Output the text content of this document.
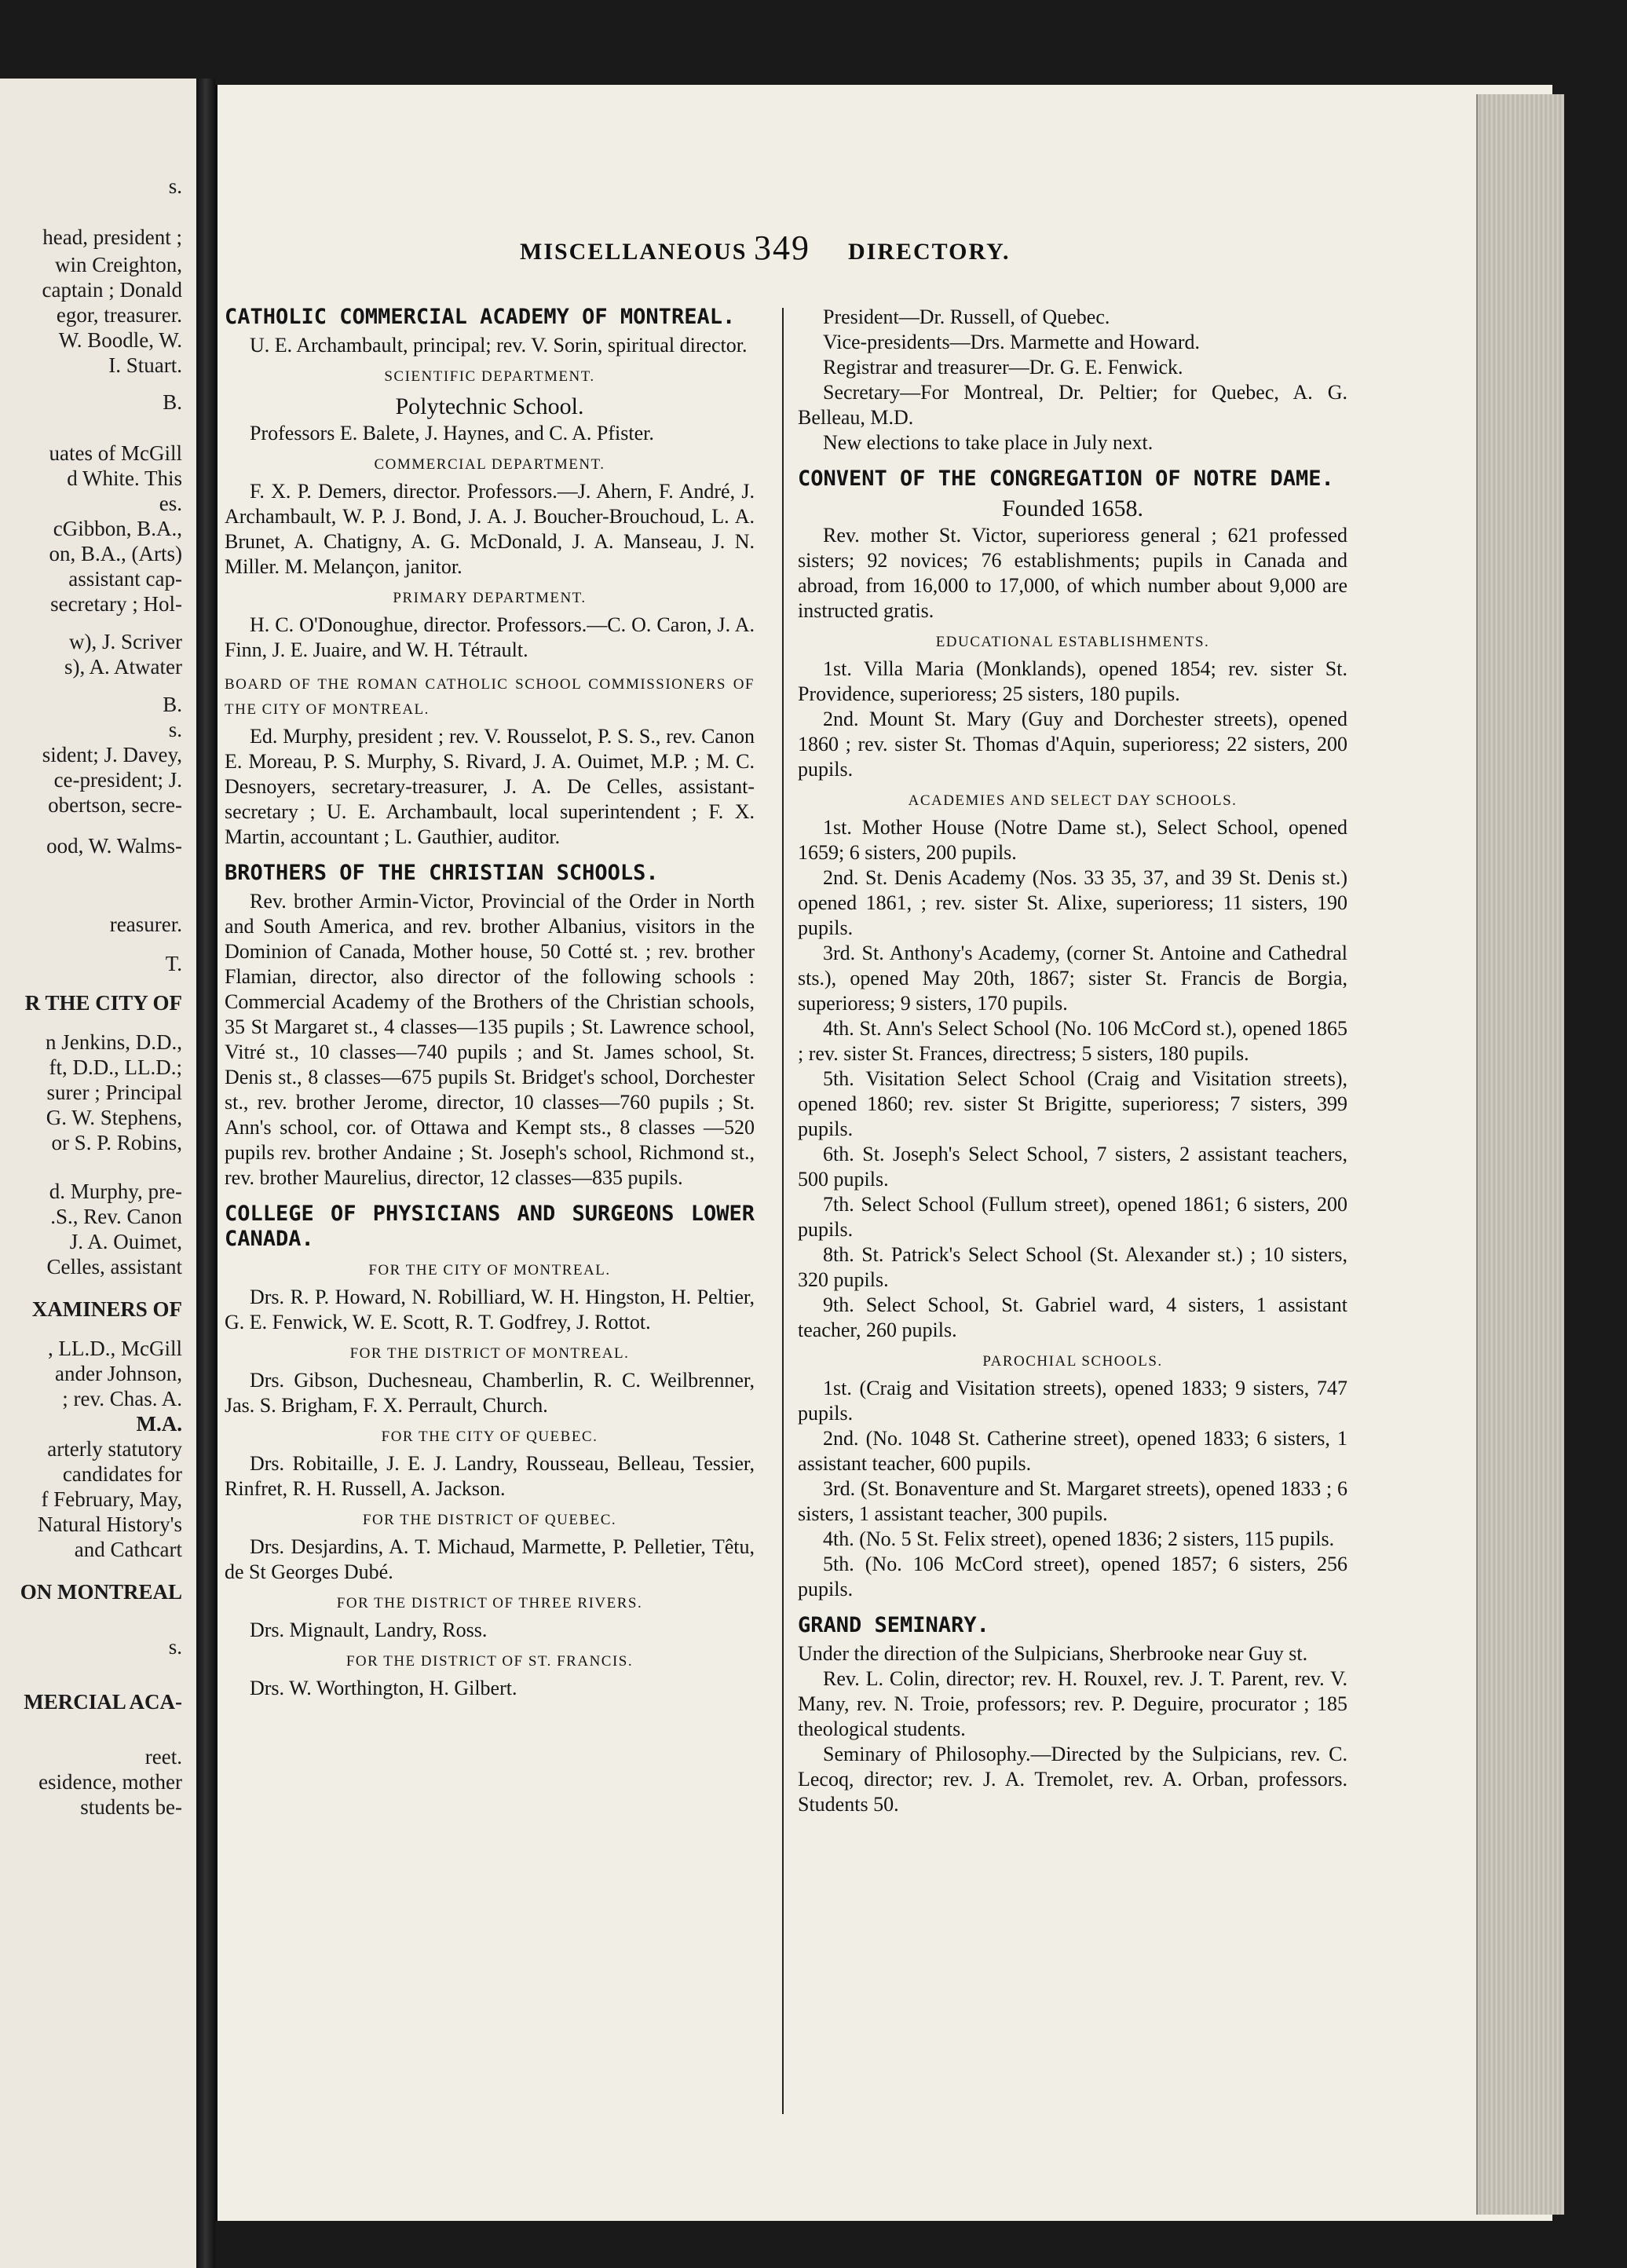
s.
head, president ;
win Creighton,
captain ; Donald
egor, treasurer.
W. Boodle, W.
I. Stuart.
B.
uates of McGill
d White. This
es.
cGibbon, B.A.,
on, B.A., (Arts)
assistant cap-
secretary ; Hol-
w), J. Scriver
s), A. Atwater
B.
s.
sident; J. Davey,
ce-president; J.
obertson, secre-
ood, W. Walms-
reasurer.
T.
R THE CITY OF
n Jenkins, D.D.,
ft, D.D., LL.D.;
surer ; Principal
G. W. Stephens,
or S. P. Robins,
d. Murphy, pre-
.S., Rev. Canon
J. A. Ouimet,
Celles, assistant
XAMINERS OF
, LL.D., McGill
ander Johnson,
; rev. Chas. A.
M.A.
arterly statutory
candidates for
f February, May,
Natural History's
and Cathcart
ON MONTREAL
s.
MERCIAL ACA-
reet.
esidence, mother
students be-
MISCELLANEOUS 349 DIRECTORY.
CATHOLIC COMMERCIAL ACADEMY OF MONTREAL.

U. E. Archambault, principal; rev. V. Sorin, spiritual director.

SCIENTIFIC DEPARTMENT.
Polytechnic School.

Professors E. Balete, J. Haynes, and C. A. Pfister.

COMMERCIAL DEPARTMENT.

F. X. P. Demers, director. Professors.—J. Ahern, F. André, J. Archambault, W. P. J. Bond, J. A. J. Boucher-Brouchoud, L. A. Brunet, A. Chatigny, A. G. McDonald, J. A. Manseau, J. N. Miller. M. Melançon, janitor.

PRIMARY DEPARTMENT.

H. C. O'Donoughue, director. Professors.—C. O. Caron, J. A. Finn, J. E. Juaire, and W. H. Tétrault.

BOARD OF THE ROMAN CATHOLIC SCHOOL COMMISSIONERS OF THE CITY OF MONTREAL.

Ed. Murphy, president ; rev. V. Rousselot, P. S. S., rev. Canon E. Moreau, P. S. Murphy, S. Rivard, J. A. Ouimet, M.P. ; M. C. Desnoyers, secretary-treasurer, J. A. De Celles, assistant-secretary ; U. E. Archambault, local superintendent ; F. X. Martin, accountant ; L. Gauthier, auditor.

BROTHERS OF THE CHRISTIAN SCHOOLS.

Rev. brother Armin-Victor, Provincial of the Order in North and South America, and rev. brother Albanius, visitors in the Dominion of Canada, Mother house, 50 Cotté st. ; rev. brother Flamian, director, also director of the following schools : Commercial Academy of the Brothers of the Christian schools, 35 St Margaret st., 4 classes—135 pupils ; St. Lawrence school, Vitré st., 10 classes—740 pupils ; and St. James school, St. Denis st., 8 classes—675 pupils St. Bridget's school, Dorchester st., rev. brother Jerome, director, 10 classes—760 pupils ; St. Ann's school, cor. of Ottawa and Kempt sts., 8 classes —520 pupils rev. brother Andaine ; St. Joseph's school, Richmond st., rev. brother Maurelius, director, 12 classes—835 pupils.

COLLEGE OF PHYSICIANS AND SURGEONS LOWER CANADA.
FOR THE CITY OF MONTREAL.

Drs. R. P. Howard, N. Robilliard, W. H. Hingston, H. Peltier, G. E. Fenwick, W. E. Scott, R. T. Godfrey, J. Rottot.

FOR THE DISTRICT OF MONTREAL.

Drs. Gibson, Duchesneau, Chamberlin, R. C. Weilbrenner, Jas. S. Brigham, F. X. Perrault, Church.

FOR THE CITY OF QUEBEC.

Drs. Robitaille, J. E. J. Landry, Rousseau, Belleau, Tessier, Rinfret, R. H. Russell, A. Jackson.

FOR THE DISTRICT OF QUEBEC.

Drs. Desjardins, A. T. Michaud, Marmette, P. Pelletier, Têtu, de St Georges Dubé.

FOR THE DISTRICT OF THREE RIVERS.

Drs. Mignault, Landry, Ross.

FOR THE DISTRICT OF ST. FRANCIS.

Drs. W. Worthington, H. Gilbert.

President—Dr. Russell, of Quebec.

Vice-presidents—Drs. Marmette and Howard.

Registrar and treasurer—Dr. G. E. Fenwick.

Secretary—For Montreal, Dr. Peltier; for Quebec, A. G. Belleau, M.D.

New elections to take place in July next.

CONVENT OF THE CONGREGATION OF NOTRE DAME.
Founded 1658.

Rev. mother St. Victor, superioress general ; 621 professed sisters; 92 novices; 76 establishments; pupils in Canada and abroad, from 16,000 to 17,000, of which number about 9,000 are instructed gratis.

EDUCATIONAL ESTABLISHMENTS.

1st. Villa Maria (Monklands), opened 1854; rev. sister St. Providence, superioress; 25 sisters, 180 pupils.

2nd. Mount St. Mary (Guy and Dorchester streets), opened 1860 ; rev. sister St. Thomas d'Aquin, superioress; 22 sisters, 200 pupils.

ACADEMIES AND SELECT DAY SCHOOLS.

1st. Mother House (Notre Dame st.), Select School, opened 1659; 6 sisters, 200 pupils.

2nd. St. Denis Academy (Nos. 33 35, 37, and 39 St. Denis st.) opened 1861, ; rev. sister St. Alixe, superioress; 11 sisters, 190 pupils.

3rd. St. Anthony's Academy, (corner St. Antoine and Cathedral sts.), opened May 20th, 1867; sister St. Francis de Borgia, superioress; 9 sisters, 170 pupils.

4th. St. Ann's Select School (No. 106 McCord st.), opened 1865 ; rev. sister St. Frances, directress; 5 sisters, 180 pupils.

5th. Visitation Select School (Craig and Visitation streets), opened 1860; rev. sister St Brigitte, superioress; 7 sisters, 399 pupils.

6th. St. Joseph's Select School, 7 sisters, 2 assistant teachers, 500 pupils.

7th. Select School (Fullum street), opened 1861; 6 sisters, 200 pupils.

8th. St. Patrick's Select School (St. Alexander st.) ; 10 sisters, 320 pupils.

9th. Select School, St. Gabriel ward, 4 sisters, 1 assistant teacher, 260 pupils.

PAROCHIAL SCHOOLS.

1st. (Craig and Visitation streets), opened 1833; 9 sisters, 747 pupils.

2nd. (No. 1048 St. Catherine street), opened 1833; 6 sisters, 1 assistant teacher, 600 pupils.

3rd. (St. Bonaventure and St. Margaret streets), opened 1833 ; 6 sisters, 1 assistant teacher, 300 pupils.

4th. (No. 5 St. Felix street), opened 1836; 2 sisters, 115 pupils.

5th. (No. 106 McCord street), opened 1857; 6 sisters, 256 pupils.

GRAND SEMINARY.

Under the direction of the Sulpicians, Sherbrooke near Guy st.

Rev. L. Colin, director; rev. H. Rouxel, rev. J. T. Parent, rev. V. Many, rev. N. Troie, professors; rev. P. Deguire, procurator ; 185 theological students.

Seminary of Philosophy.—Directed by the Sulpicians, rev. C. Lecoq, director; rev. J. A. Tremolet, rev. A. Orban, professors. Students 50.
